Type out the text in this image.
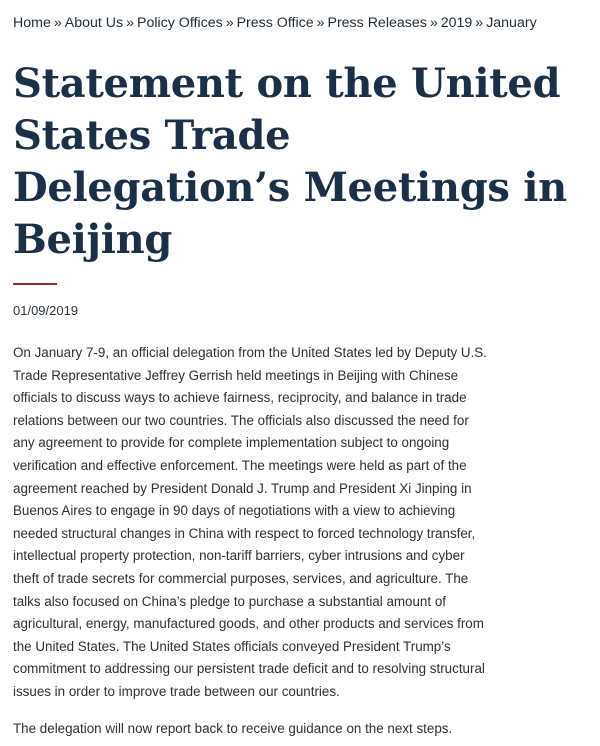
Home » About Us » Policy Offices » Press Office » Press Releases » 2019 » January
Statement on the United States Trade Delegation’s Meetings in Beijing
01/09/2019

On January 7-9, an official delegation from the United States led by Deputy U.S. Trade Representative Jeffrey Gerrish held meetings in Beijing with Chinese officials to discuss ways to achieve fairness, reciprocity, and balance in trade relations between our two countries. The officials also discussed the need for any agreement to provide for complete implementation subject to ongoing verification and effective enforcement. The meetings were held as part of the agreement reached by President Donald J. Trump and President Xi Jinping in Buenos Aires to engage in 90 days of negotiations with a view to achieving needed structural changes in China with respect to forced technology transfer, intellectual property protection, non-tariff barriers, cyber intrusions and cyber theft of trade secrets for commercial purposes, services, and agriculture. The talks also focused on China’s pledge to purchase a substantial amount of agricultural, energy, manufactured goods, and other products and services from the United States. The United States officials conveyed President Trump’s commitment to addressing our persistent trade deficit and to resolving structural issues in order to improve trade between our countries.

The delegation will now report back to receive guidance on the next steps.
